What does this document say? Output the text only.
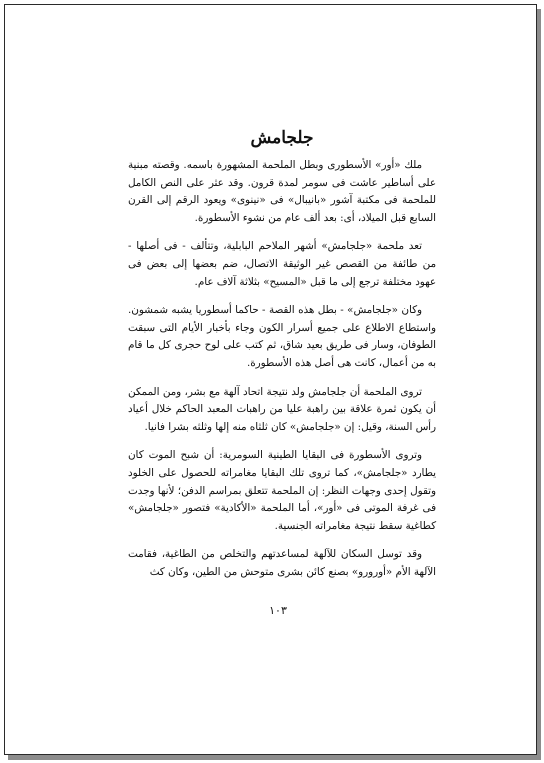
جلجامش

ملك «أور» الأسطورى وبطل الملحمة المشهورة باسمه. وقصته مبنية على أساطير عاشت فى سومر لمدة قرون. وقد عثر على النص الكامل للملحمة فى مكتبة آشور «بانيبال» فى «نينوى» ويعود الرقم إلى القرن السابع قبل الميلاد، أى: بعد ألف عام من نشوء الأسطورة.

تعد ملحمة «جلجامش» أشهر الملاحم البابلية، وتتألف - فى أصلها - من طائفة من القصص غير الوثيقة الاتصال، ضم بعضها إلى بعض فى عهود مختلفة ترجع إلى ما قبل «المسيح» بثلاثة آلاف عام.

وكان «جلجامش» - بطل هذه القصة - حاكما أسطوريا يشبه شمشون. واستطاع الاطلاع على جميع أسرار الكون وجاء بأخبار الأيام التى سبقت الطوفان، وسار فى طريق بعيد شاق، ثم كتب على لوح حجرى كل ما قام به من أعمال، كانت هى أصل هذه الأسطورة.

تروى الملحمة أن جلجامش ولد نتيجة اتحاد آلهة مع بشر، ومن الممكن أن يكون ثمرة علاقة بين راهبة عليا من راهبات المعبد الحاكم خلال أعياد رأس السنة، وقيل: إن «جلجامش» كان ثلثاه منه إلها وثلثه بشرا فانيا.

وتروى الأسطورة فى البقايا الطينية السومرية: أن شبح الموت كان يطارد «جلجامش»، كما تروى تلك البقايا مغامراته للحصول على الخلود وتقول إحدى وجهات النظر: إن الملحمة تتعلق بمراسم الدفن؛ لأنها وجدت فى غرفة الموتى فى «أور»، أما الملحمة «الأكادية» فتصور «جلجامش» كطاغية سقط نتيجة مغامراته الجنسية.

وقد توسل السكان للآلهة لمساعدتهم والتخلص من الطاغية، فقامت الآلهة الأم «أورورو» بصنع كائن بشرى متوحش من الطين، وكان كث

١٠٣
